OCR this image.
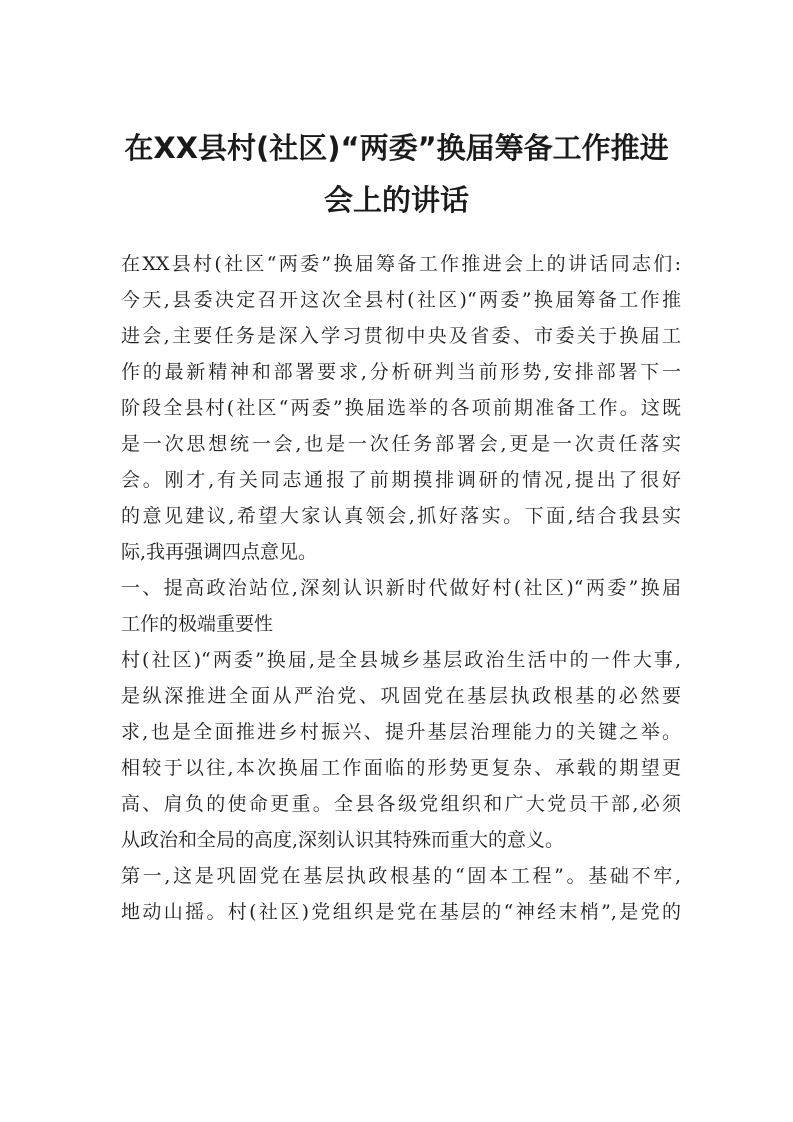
在XX县村(社区)“两委”换届筹备工作推进
会上的讲话

在XX县村(社区“两委”换届筹备工作推进会上的讲话同志们:

今天,县委决定召开这次全县村(社区)“两委”换届筹备工作推

进会,主要任务是深入学习贯彻中央及省委、市委关于换届工

作的最新精神和部署要求,分析研判当前形势,安排部署下一

阶段全县村(社区“两委”换届选举的各项前期准备工作。这既

是一次思想统一会,也是一次任务部署会,更是一次责任落实

会。刚才,有关同志通报了前期摸排调研的情况,提出了很好

的意见建议,希望大家认真领会,抓好落实。下面,结合我县实

际,我再强调四点意见。

一、提高政治站位,深刻认识新时代做好村(社区)“两委”换届

工作的极端重要性

村(社区)“两委”换届,是全县城乡基层政治生活中的一件大事,

是纵深推进全面从严治党、巩固党在基层执政根基的必然要

求,也是全面推进乡村振兴、提升基层治理能力的关键之举。

相较于以往,本次换届工作面临的形势更复杂、承载的期望更

高、肩负的使命更重。全县各级党组织和广大党员干部,必须

从政治和全局的高度,深刻认识其特殊而重大的意义。

第一,这是巩固党在基层执政根基的“固本工程”。基础不牢,

地动山摇。村(社区)党组织是党在基层的“神经末梢”,是党的
